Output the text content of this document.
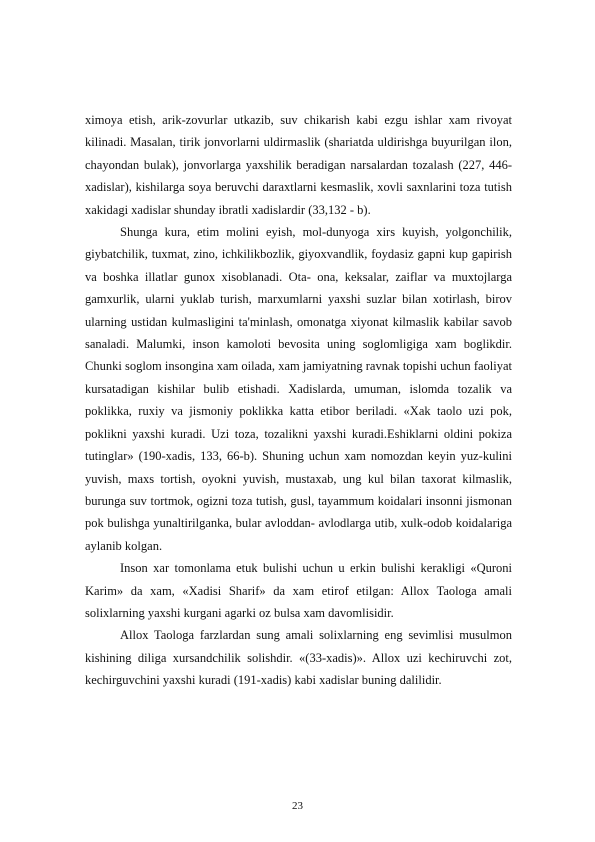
ximoya etish, arik-zovurlar utkazib, suv chikarish kabi ezgu ishlar xam rivoyat kilinadi. Masalan, tirik jonvorlarni uldirmaslik (shariatda uldirishga buyurilgan ilon, chayondan bulak), jonvorlarga yaxshilik beradigan narsalardan tozalash (227, 446- xadislar), kishilarga soya beruvchi daraxtlarni kesmaslik, xovli saxnlarini toza tutish xakidagi xadislar shunday ibratli xadislardir (33,132 - b).

Shunga kura, etim molini eyish, mol-dunyoga xirs kuyish, yolgonchilik, gіybatchilik, tuxmat, zino, ichkilikbozlik, giyoxvandlik, foydasiz gapni kup gapirish va boshka illatlar gunox xisoblanadi. Ota- ona, keksalar, zaiflar va muxtojlarga gamxurlik, ularni yuklab turish, marxumlarni yaxshi suzlar bilan xotirlash, birov ularning ustidan kulmasligini ta'minlash, omonatga xiyonat kilmaslik kabilar savob sanaladi. Malumki, inson kamoloti bevosita uning soglomligiga xam boglikdir. Chunki soglom insongina xam oilada, xam jamiyatning ravnak topishi uchun faoliyat kursatadigan kishilar bulib etishadi. Xadislarda, umuman, islomda tozalik va poklikka, ruxiy va jismoniy poklikka katta etibor beriladi. «Xak taolo uzi pok, poklikni yaxshi kuradi. Uzi toza, tozalikni yaxshi kuradi.Eshiklarni oldini pokiza tutinglar» (190-xadis, 133, 66-b). Shuning uchun xam nomozdan keyin yuz-kulini yuvish, maxs tortish, oyokni yuvish, mustaxab, ung kul bilan taxorat kilmaslik, burunga suv tortmok, ogizni toza tutish, gusl, tayammum koidalari insonni jismonan pok bulishga yunaltirilganka, bular avloddan- avlodlarga utib, xulk-odob koidalariga aylanib kolgan.

Inson xar tomonlama etuk bulishi uchun u erkin bulishi kerakligi «Quroni Karim» da xam, «Xadisi Sharif» da xam etirof etilgan: Allox Taologa amali solixlarning yaxshi kurgani agarki oz bulsa xam davomlisidir.

Allox Taologa farzlardan sung amali solixlarning eng sevimlisi musulmon kishining diliga xursandchilik solishdir. «(33-xadis)». Allox uzi kechiruvchi zot, kechirguvchini yaxshi kuradi (191-xadis) kabi xadislar buning dalilidir.

23
